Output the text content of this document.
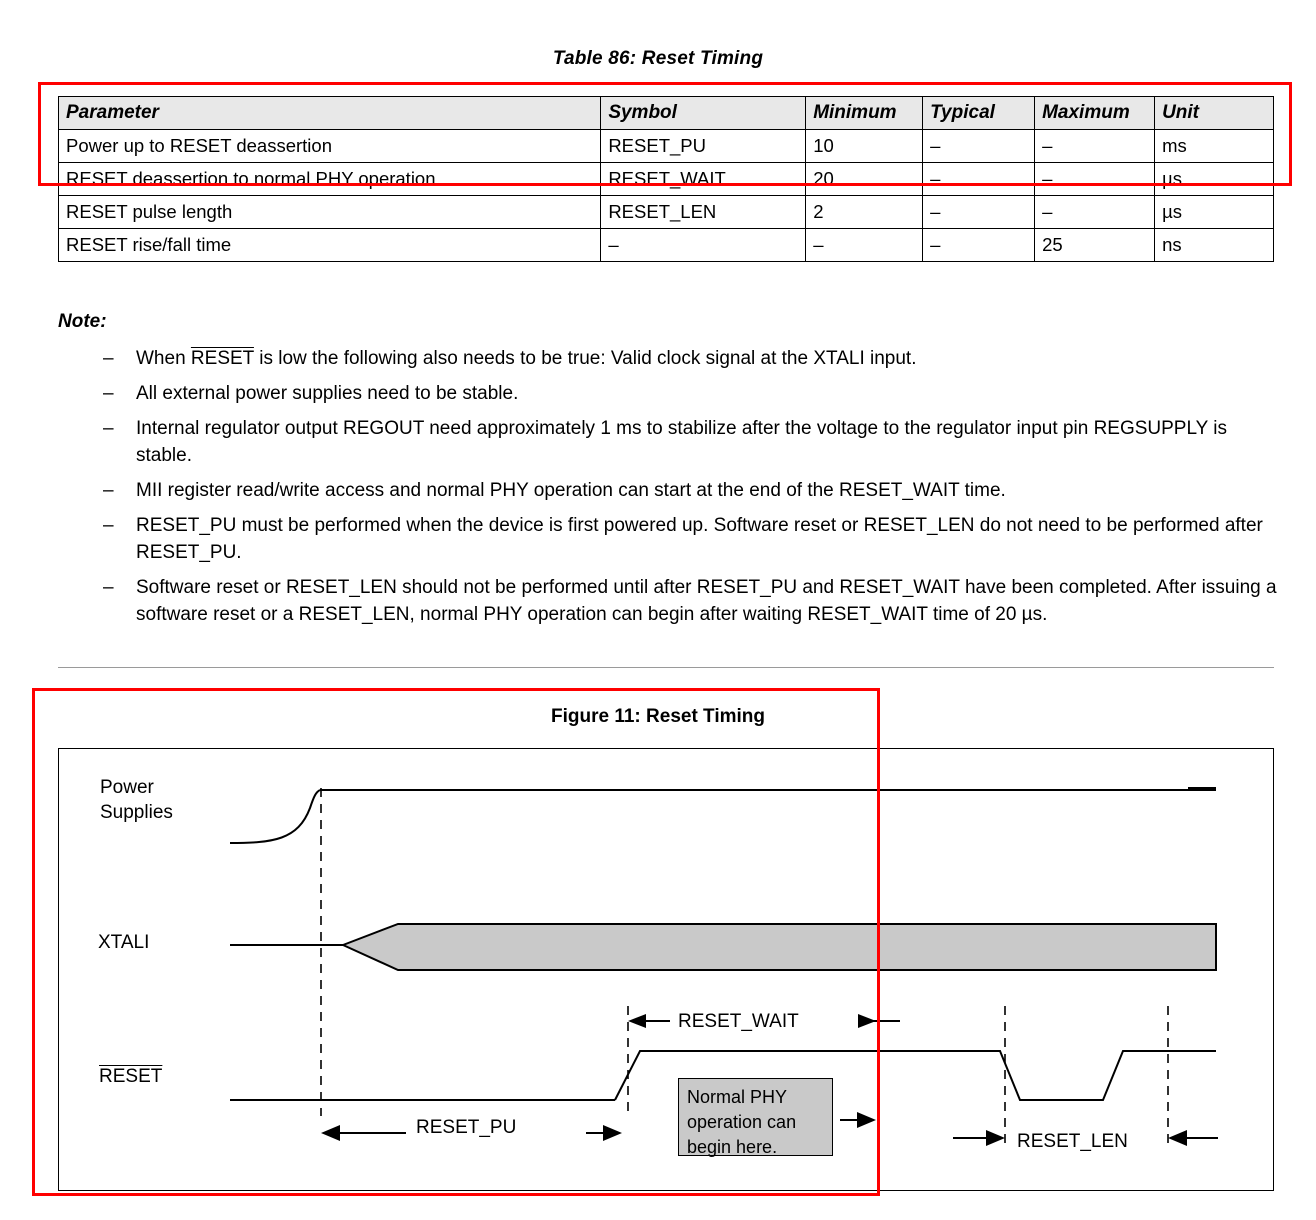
Table 86: Reset Timing
Parameter	Symbol	Minimum	Typical	Maximum	Unit
Power up to RESET deassertion	RESET_PU	10	–	–	ms
RESET deassertion to normal PHY operation	RESET_WAIT	20	–	–	µs
RESET pulse length	RESET_LEN	2	–	–	µs
RESET rise/fall time	–	–	–	25	ns
Note:
–	When RESET is low the following also needs to be true: Valid clock signal at the XTALI input.
–	All external power supplies need to be stable.
–	Internal regulator output REGOUT need approximately 1 ms to stabilize after the voltage to the regulator input pin REGSUPPLY is stable.
–	MII register read/write access and normal PHY operation can start at the end of the RESET_WAIT time.
–	RESET_PU must be performed when the device is first powered up. Software reset or RESET_LEN do not need to be performed after RESET_PU.
–	Software reset or RESET_LEN should not be performed until after RESET_PU and RESET_WAIT have been completed. After issuing a software reset or a RESET_LEN, normal PHY operation can begin after waiting RESET_WAIT time of 20 µs.
Figure 11: Reset Timing
Power
Supplies
XTALI
RESET
RESET_WAIT
RESET_PU
RESET_LEN
Normal PHY
operation can
begin here.
